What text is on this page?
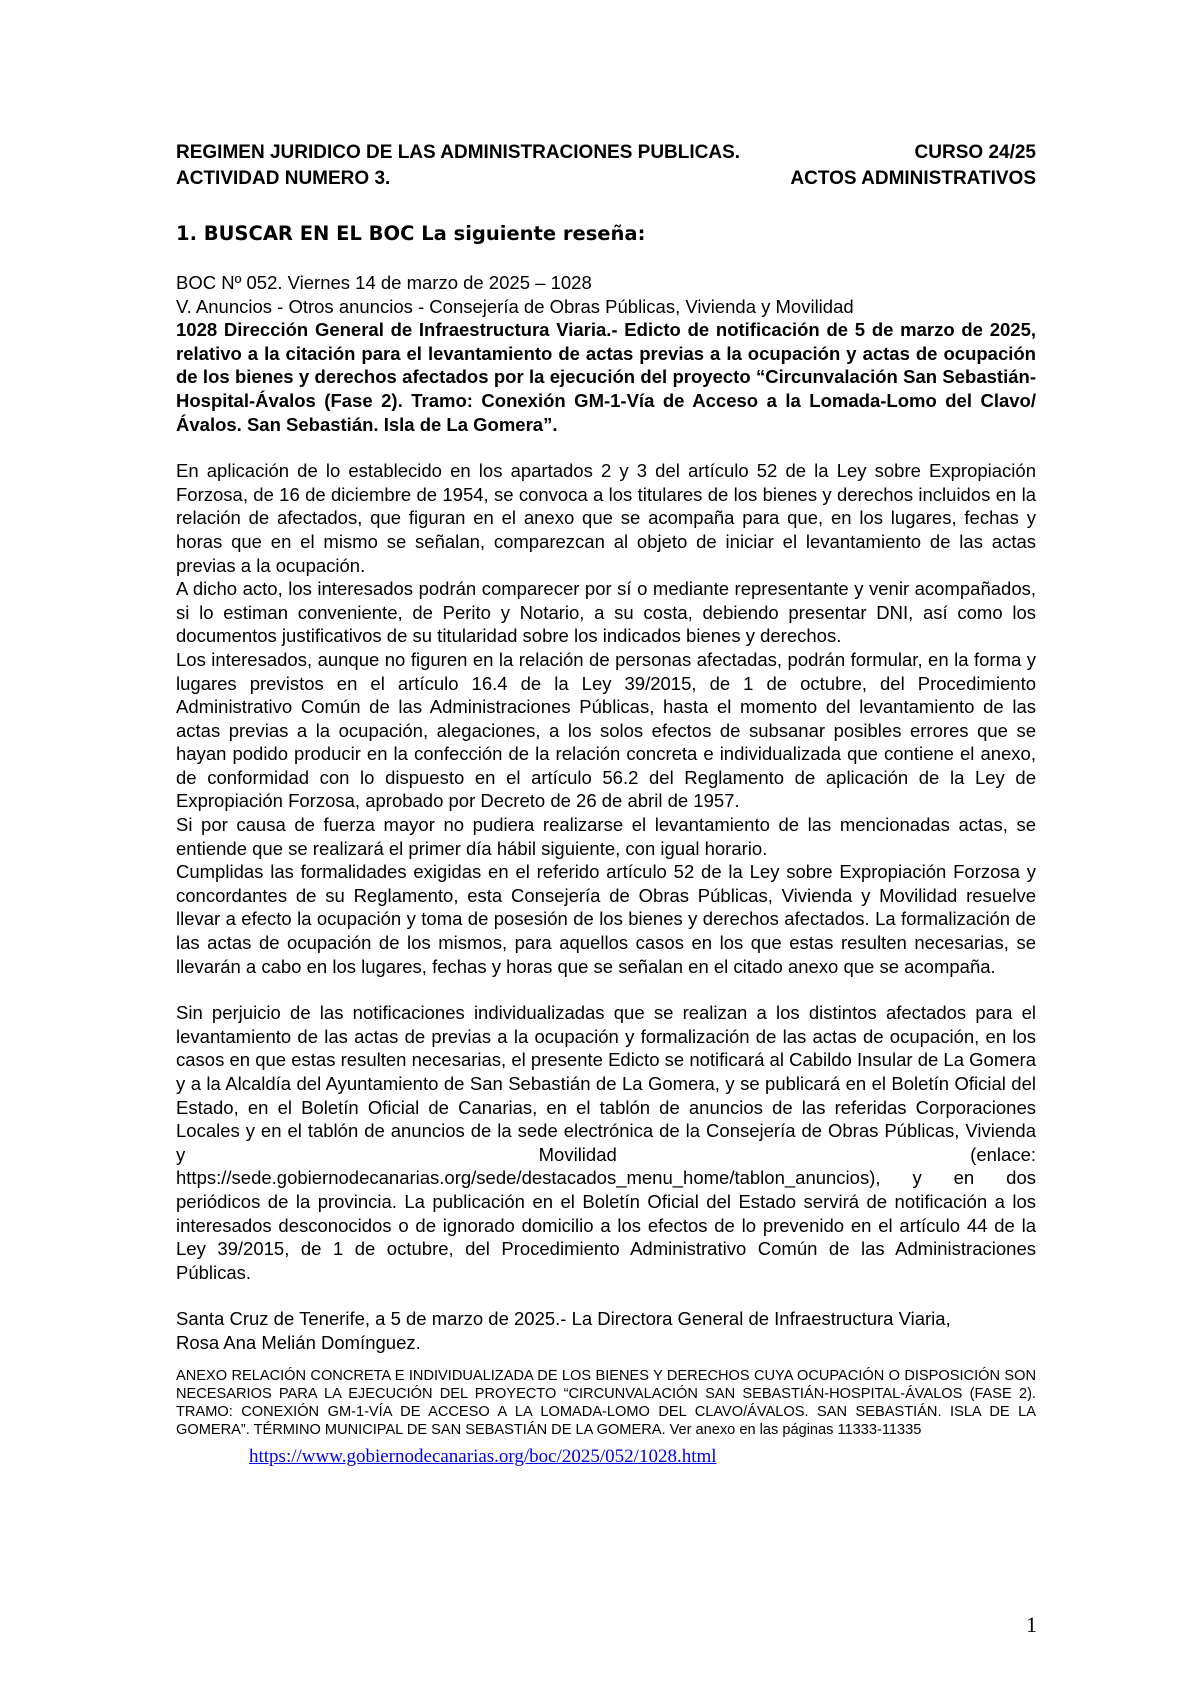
REGIMEN JURIDICO DE LAS ADMINISTRACIONES PUBLICAS.	CURSO 24/25
ACTIVIDAD NUMERO 3.	ACTOS ADMINISTRATIVOS
1. BUSCAR EN EL BOC La siguiente reseña:

BOC Nº 052. Viernes 14 de marzo de 2025 – 1028

V. Anuncios - Otros anuncios - Consejería de Obras Públicas, Vivienda y Movilidad

1028 Dirección General de Infraestructura Viaria.- Edicto de notificación de 5 de marzo de 2025, relativo a la citación para el levantamiento de actas previas a la ocupación y actas de ocupación de los bienes y derechos afectados por la ejecución del proyecto “Circunvalación San Sebastián-Hospital-Ávalos (Fase 2). Tramo: Conexión GM-1-Vía de Acceso a la Lomada-Lomo del Clavo/Ávalos. San Sebastián. Isla de La Gomera”.

En aplicación de lo establecido en los apartados 2 y 3 del artículo 52 de la Ley sobre Expropiación Forzosa, de 16 de diciembre de 1954, se convoca a los titulares de los bienes y derechos incluidos en la relación de afectados, que figuran en el anexo que se acompaña para que, en los lugares, fechas y horas que en el mismo se señalan, comparezcan al objeto de iniciar el levantamiento de las actas previas a la ocupación.

A dicho acto, los interesados podrán comparecer por sí o mediante representante y venir acompañados, si lo estiman conveniente, de Perito y Notario, a su costa, debiendo presentar DNI, así como los documentos justificativos de su titularidad sobre los indicados bienes y derechos.

Los interesados, aunque no figuren en la relación de personas afectadas, podrán formular, en la forma y lugares previstos en el artículo 16.4 de la Ley 39/2015, de 1 de octubre, del Procedimiento Administrativo Común de las Administraciones Públicas, hasta el momento del levantamiento de las actas previas a la ocupación, alegaciones, a los solos efectos de subsanar posibles errores que se hayan podido producir en la confección de la relación concreta e individualizada que contiene el anexo, de conformidad con lo dispuesto en el artículo 56.2 del Reglamento de aplicación de la Ley de Expropiación Forzosa, aprobado por Decreto de 26 de abril de 1957.

Si por causa de fuerza mayor no pudiera realizarse el levantamiento de las mencionadas actas, se entiende que se realizará el primer día hábil siguiente, con igual horario.

Cumplidas las formalidades exigidas en el referido artículo 52 de la Ley sobre Expropiación Forzosa y concordantes de su Reglamento, esta Consejería de Obras Públicas, Vivienda y Movilidad resuelve llevar a efecto la ocupación y toma de posesión de los bienes y derechos afectados. La formalización de las actas de ocupación de los mismos, para aquellos casos en los que estas resulten necesarias, se llevarán a cabo en los lugares, fechas y horas que se señalan en el citado anexo que se acompaña.

Sin perjuicio de las notificaciones individualizadas que se realizan a los distintos afectados para el levantamiento de las actas de previas a la ocupación y formalización de las actas de ocupación, en los casos en que estas resulten necesarias, el presente Edicto se notificará al Cabildo Insular de La Gomera y a la Alcaldía del Ayuntamiento de San Sebastián de La Gomera, y se publicará en el Boletín Oficial del Estado, en el Boletín Oficial de Canarias, en el tablón de anuncios de las referidas Corporaciones Locales y en el tablón de anuncios de la sede electrónica de la Consejería de Obras Públicas, Vivienda y Movilidad (enlace: https://sede.gobiernodecanarias.org/sede/destacados_menu_home/tablon_anuncios), y en dos periódicos de la provincia. La publicación en el Boletín Oficial del Estado servirá de notificación a los interesados desconocidos o de ignorado domicilio a los efectos de lo prevenido en el artículo 44 de la Ley 39/2015, de 1 de octubre, del Procedimiento Administrativo Común de las Administraciones Públicas.

Santa Cruz de Tenerife, a 5 de marzo de 2025.- La Directora General de Infraestructura Viaria,

Rosa Ana Melián Domínguez.

ANEXO RELACIÓN CONCRETA E INDIVIDUALIZADA DE LOS BIENES Y DERECHOS CUYA OCUPACIÓN O DISPOSICIÓN SON NECESARIOS PARA LA EJECUCIÓN DEL PROYECTO “CIRCUNVALACIÓN SAN SEBASTIÁN-HOSPITAL-ÁVALOS (FASE 2). TRAMO: CONEXIÓN GM-1-VÍA DE ACCESO A LA LOMADA-LOMO DEL CLAVO/ÁVALOS. SAN SEBASTIÁN. ISLA DE LA GOMERA”. TÉRMINO MUNICIPAL DE SAN SEBASTIÁN DE LA GOMERA. Ver anexo en las páginas 11333-11335

https://www.gobiernodecanarias.org/boc/2025/052/1028.html
1
